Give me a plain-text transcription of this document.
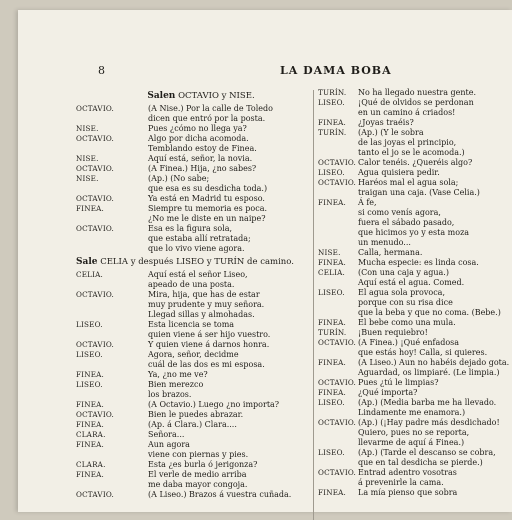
8	LA DAMA BOBA
Salen OCTAVIO y NISE.
OCTAVIO.	(A Nise.) Por la calle de Toledo
dicen que entró por la posta.
NISE.	Pues ¿cómo no llega ya?
OCTAVIO.	Algo por dicha acomoda.
Temblando estoy de Finea.
NISE.	Aquí está, señor, la novia.
OCTAVIO.	(A Finea.) Hija, ¿no sabes?
NISE.	(Ap.) (No sabe;
que esa es su desdicha toda.)
OCTAVIO.	Ya está en Madrid tu esposo.
FINEA.	Siempre tu memoria es poca.
¿No me le diste en un naipe?
OCTAVIO.	Esa es la figura sola,
que estaba allí retratada;
que lo vivo viene agora.
Sale CELIA y después LISEO y TURÍN de camino.
CELIA.	Aquí está el señor Liseo,
apeado de una posta.
OCTAVIO.	Mira, hija, que has de estar
muy prudente y muy señora.
Llegad sillas y almohadas.
LISEO.	Esta licencia se toma
quien viene á ser hijo vuestro.
OCTAVIO.	Y quien viene á darnos honra.
LISEO.	Agora, señor, decidme
cuál de las dos es mi esposa.
FINEA.	Ya, ¿no me ve?
LISEO.	Bien merezco
los brazos.
FINEA.	(A Octavio.) Luego ¿no importa?
OCTAVIO.	Bien le puedes abrazar.
FINEA.	(Ap. á Clara.) Clara....
CLARA.	Señora...
FINEA.	Aun agora
viene con piernas y pies.
CLARA.	Esta ¿es burla ó jerigonza?
FINEA.	El verle de medio arriba
me daba mayor congoja.
OCTAVIO.	(A Liseo.) Brazos á vuestra cuñada.
TURÍN. No ha llegado nuestra gente.
LISEO. ¡Qué de olvidos se perdonan
en un camino á criados!
FINEA. ¿Joyas traéis?
TURÍN. (Ap.) (Y le sobra
de las joyas el principio,
tanto el jo se le acomoda.)
OCTAVIO. Calor tenéis. ¿Queréis algo?
LISEO. Agua quisiera pedir.
OCTAVIO. Haréos mal el agua sola;
traigan una caja. (Vase Celia.)
FINEA. Á fe,
si como venís agora,
fuera el sábado pasado,
que hicimos yo y esta moza
un menudo...
NISE. Calla, hermana.
FINEA. Mucha especie: es linda cosa.
CELIA. (Con una caja y agua.)
Aquí está el agua. Comed.
LISEO. El agua sola provoca,
porque con su risa dice
que la beba y que no coma. (Bebe.)
FINEA. El bebe como una mula.
TURÍN. ¡Buen requiebro!
OCTAVIO. (A Finea.) ¡Qué enfadosa
que estás hoy! Calla, si quieres.
FINEA. (A Liseo.) Aun no habéis dejado gota.
Aguardad, os limpiaré. (Le limpia.)
OCTAVIO. Pues ¿tú le limpias?
FINEA. ¿Qué importa?
LISEO. (Ap.) (Media barba me ha llevado.
Lindamente me enamora.)
OCTAVIO. (Ap.) (¡Hay padre más desdichado!
Quiero, pues no se reporta,
llevarme de aquí á Finea.)
LISEO. (Ap.) (Tarde el descanso se cobra,
que en tal desdicha se pierde.)
OCTAVIO. Entrad adentro vosotras
á prevenirle la cama.
FINEA. La mía pienso que sobra
